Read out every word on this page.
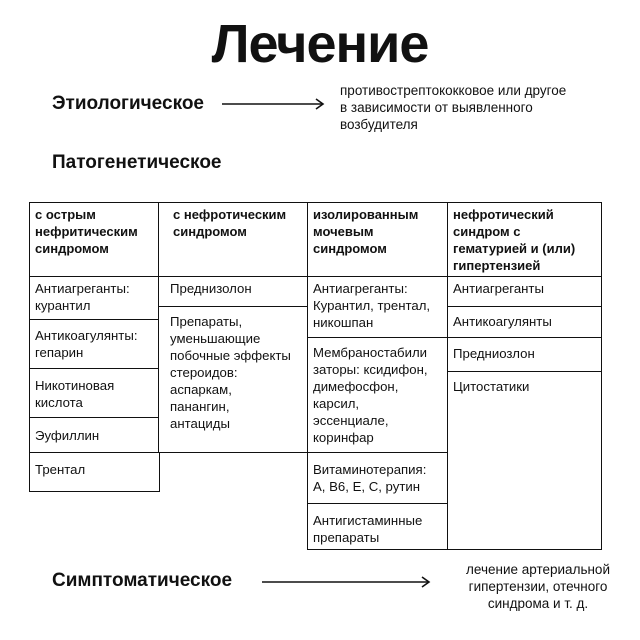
Лечение
Этиологическое
противострептококковое или другое
в зависимости от выявленного
возбудителя
Патогенетическое
с острым
нефритическим
синдромом
с нефротическим
синдромом
изолированным
мочевым
синдромом
нефротический
синдром с
гематурией и (или)
гипертензией
Антиагреганты:
курантил
Антикоагулянты:
гепарин
Никотиновая
кислота
Эуфиллин
Трентал
Преднизолон
Препараты,
уменьшающие
побочные эффекты
стероидов:
аспаркам,
панангин,
антациды
Антиагреганты:
Курантил, трентал,
никошпан
Мембраностабили
заторы: ксидифон,
димефосфон,
карсил,
эссенциале,
коринфар
Витаминотерапия:
А, В6, Е, С, рутин
Антигистаминные
препараты
Антиагреганты
Антикоагулянты
Предниозлон
Цитостатики
Симптоматическое
лечение артериальной
гипертензии, отечного
синдрома и т. д.
